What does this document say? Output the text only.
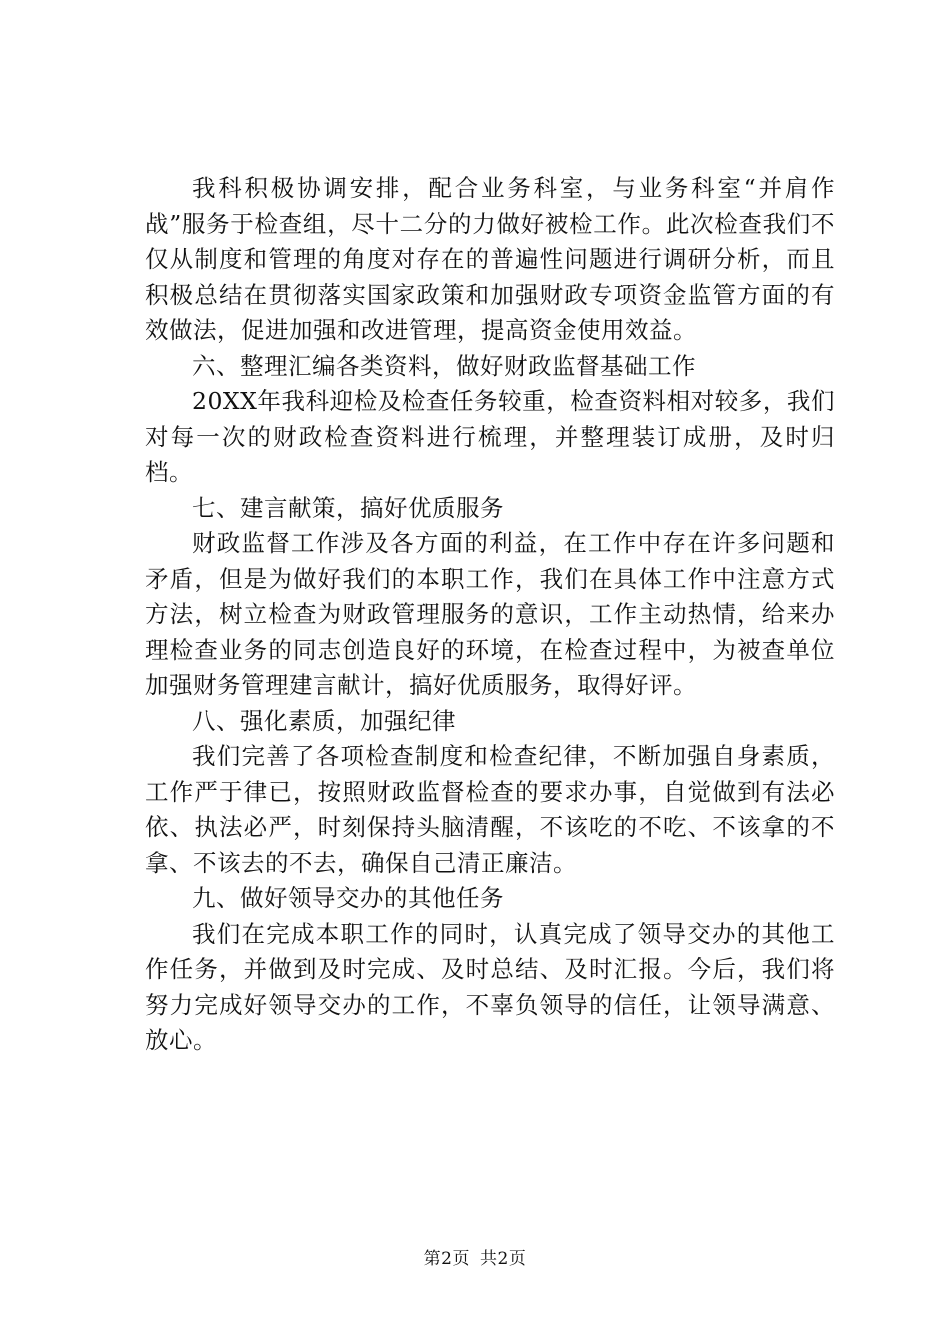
我科积极协调安排，配合业务科室，与业务科室“并肩作战”服务于检查组，尽十二分的力做好被检工作。此次检查我们不仅从制度和管理的角度对存在的普遍性问题进行调研分析，而且积极总结在贯彻落实国家政策和加强财政专项资金监管方面的有效做法，促进加强和改进管理，提高资金使用效益。

六、整理汇编各类资料，做好财政监督基础工作

20XX年我科迎检及检查任务较重，检查资料相对较多，我们对每一次的财政检查资料进行梳理，并整理装订成册，及时归档。

七、建言献策，搞好优质服务

财政监督工作涉及各方面的利益，在工作中存在许多问题和矛盾，但是为做好我们的本职工作，我们在具体工作中注意方式方法，树立检查为财政管理服务的意识，工作主动热情，给来办理检查业务的同志创造良好的环境，在检查过程中，为被查单位加强财务管理建言献计，搞好优质服务，取得好评。

八、强化素质，加强纪律

我们完善了各项检查制度和检查纪律，不断加强自身素质，工作严于律已，按照财政监督检查的要求办事，自觉做到有法必依、执法必严，时刻保持头脑清醒，不该吃的不吃、不该拿的不拿、不该去的不去，确保自己清正廉洁。

九、做好领导交办的其他任务

我们在完成本职工作的同时，认真完成了领导交办的其他工作任务，并做到及时完成、及时总结、及时汇报。今后，我们将努力完成好领导交办的工作，不辜负领导的信任，让领导满意、放心。

第2页 共2页
